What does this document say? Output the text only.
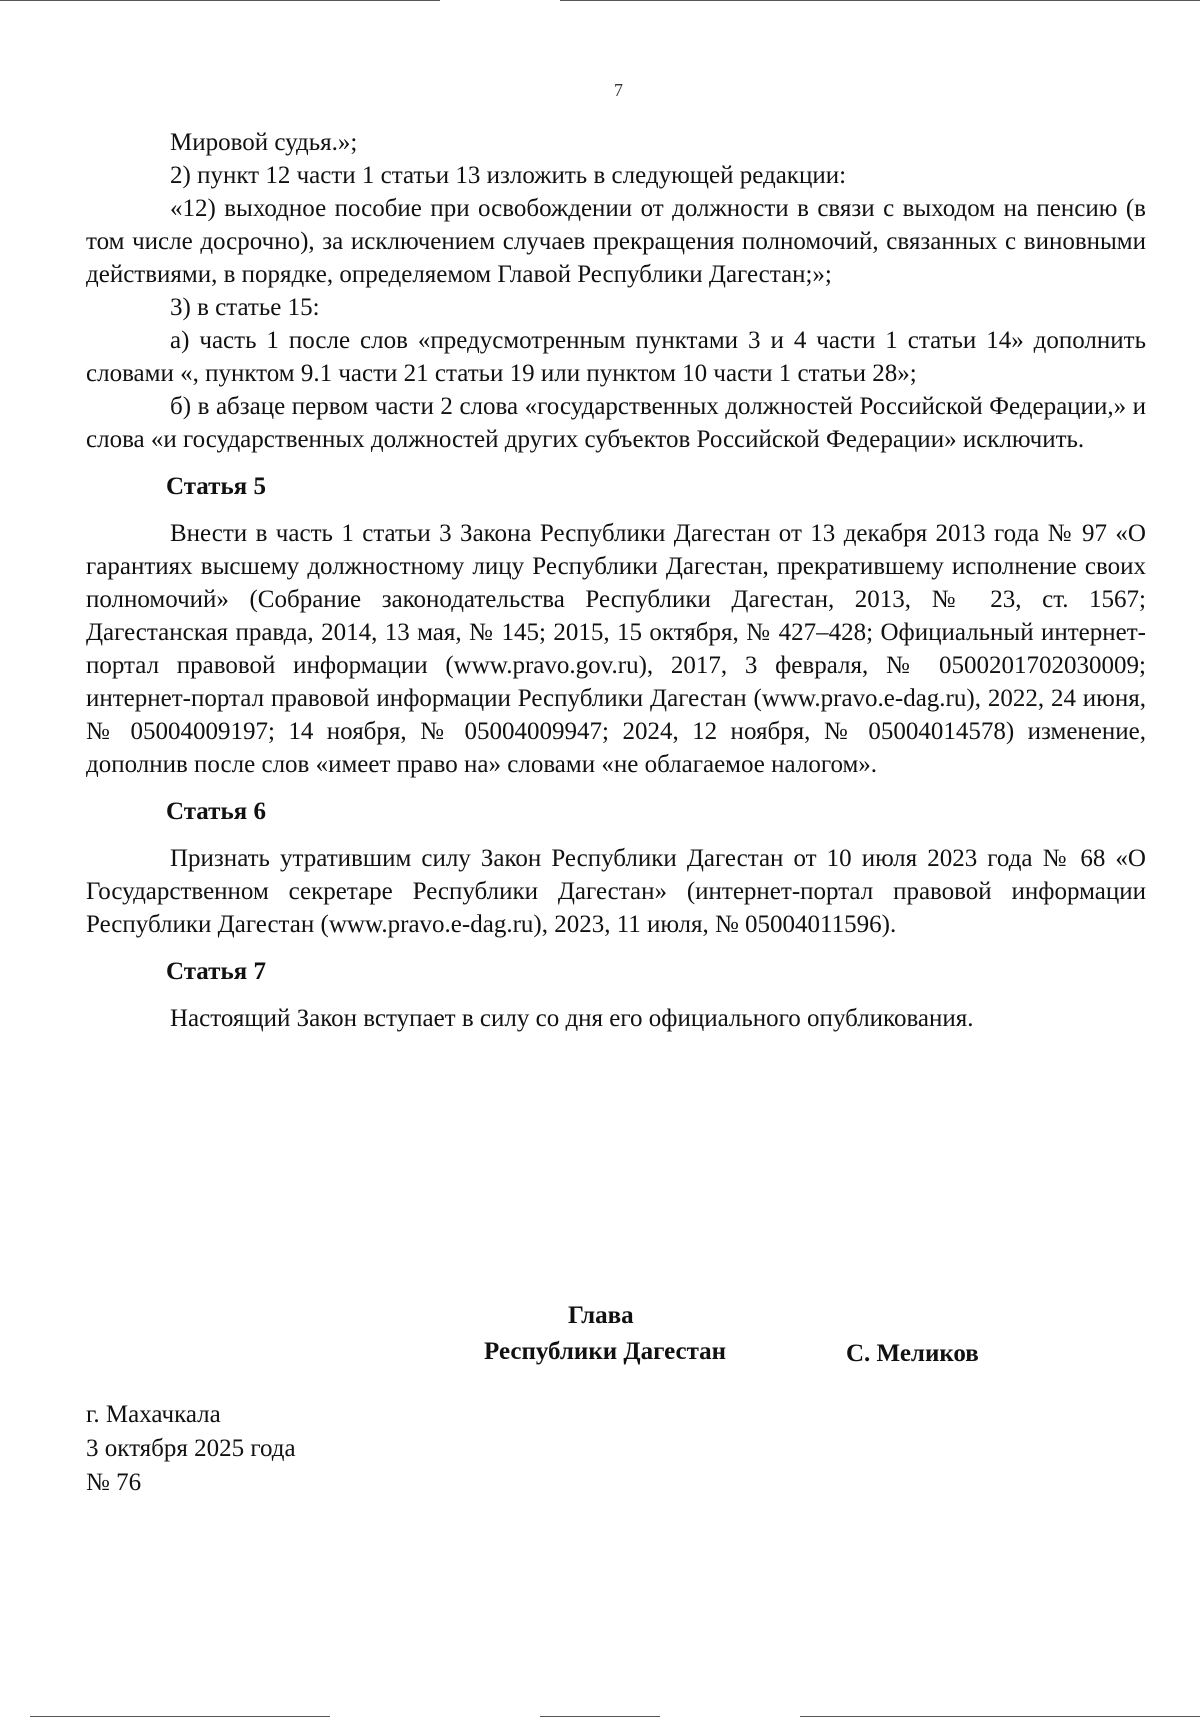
7

Мировой судья.»;

2) пункт 12 части 1 статьи 13 изложить в следующей редакции:

«12) выходное пособие при освобождении от должности в связи с выходом на пенсию (в том числе досрочно), за исключением случаев прекращения полномочий, связанных с виновными действиями, в порядке, определяемом Главой Республики Дагестан;»;

3) в статье 15:

а) часть 1 после слов «предусмотренным пунктами 3 и 4 части 1 статьи 14» дополнить словами «, пунктом 9.1 части 21 статьи 19 или пунктом 10 части 1 статьи 28»;

б) в абзаце первом части 2 слова «государственных должностей Российской Федерации,» и слова «и государственных должностей других субъектов Российской Федерации» исключить.

Статья 5

Внести в часть 1 статьи 3 Закона Республики Дагестан от 13 декабря 2013 года № 97 «О гарантиях высшему должностному лицу Республики Дагестан, прекратившему исполнение своих полномочий» (Собрание законодательства Республики Дагестан, 2013, № 23, ст. 1567; Дагестанская правда, 2014, 13 мая, № 145; 2015, 15 октября, № 427–428; Официальный интернет-портал правовой информации (www.pravo.gov.ru), 2017, 3 февраля, № 0500201702030009; интернет-портал правовой информации Республики Дагестан (www.pravo.e-dag.ru), 2022, 24 июня, № 05004009197; 14 ноября, № 05004009947; 2024, 12 ноября, № 05004014578) изменение, дополнив после слов «имеет право на» словами «не облагаемое налогом».

Статья 6

Признать утратившим силу Закон Республики Дагестан от 10 июля 2023 года № 68 «О Государственном секретаре Республики Дагестан» (интернет-портал правовой информации Республики Дагестан (www.pravo.e-dag.ru), 2023, 11 июля, № 05004011596).

Статья 7

Настоящий Закон вступает в силу со дня его официального опубликования.

Глава
Республики Дагестан	С. Меликов
г. Махачкала
3 октября 2025 года
№ 76
